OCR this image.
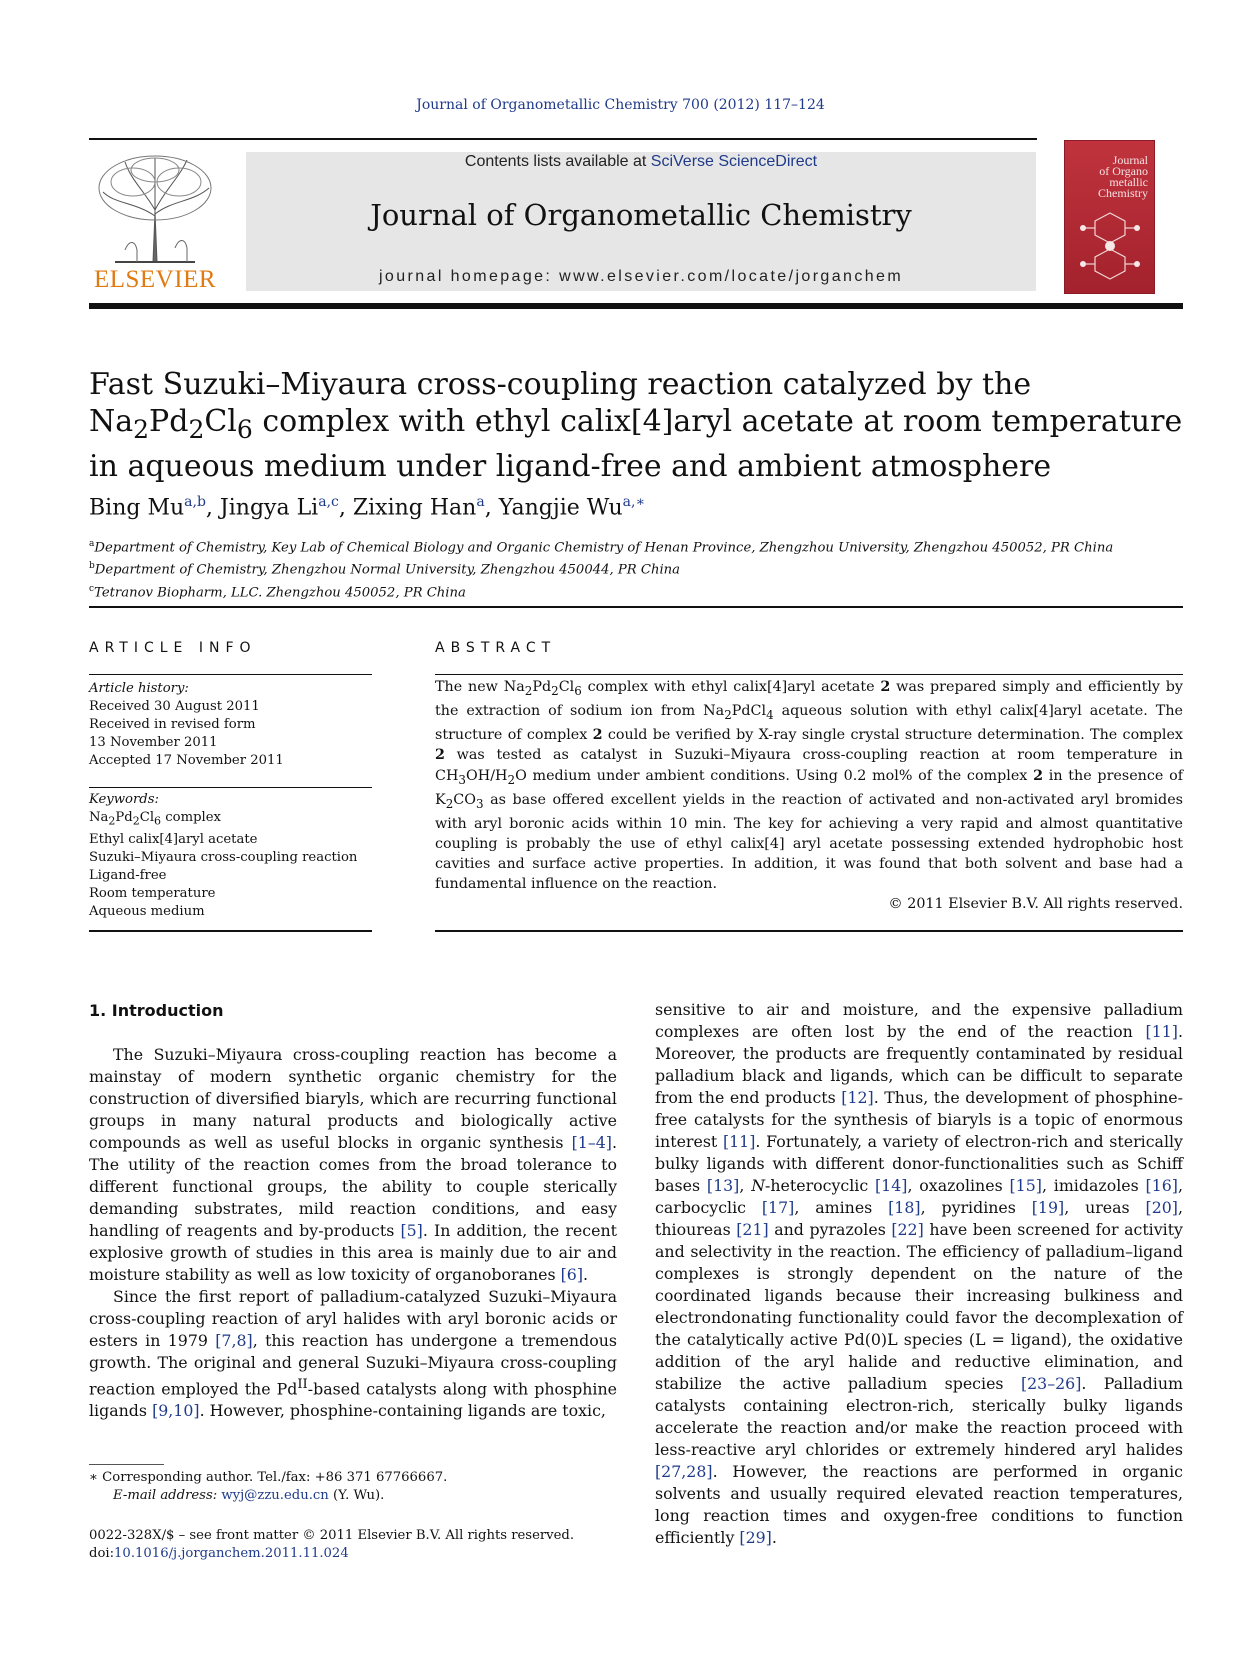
Journal of Organometallic Chemistry 700 (2012) 117–124
ELSEVIER
Contents lists available at SciVerse ScienceDirect
Journal of Organometallic Chemistry
journal homepage: www.elsevier.com/locate/jorganchem
Journal
of Organo
metallic
Chemistry
Fast Suzuki–Miyaura cross-coupling reaction catalyzed by the $Na_2Pd_2Cl_6$ complex with ethyl calix[4]aryl acetate at room temperature in aqueous medium under ligand-free and ambient atmosphere
Bing Mu$^{a,b}$, Jingya Li$^{a,c}$, Zixing Han$^a$, Yangjie $Wu^{a,∗}$
$^a$Department of Chemistry, Key Lab of Chemical Biology and Organic Chemistry of Henan Province, Zhengzhou University, Zhengzhou 450052, PR China
$^b$Department of Chemistry, Zhengzhou Normal University, Zhengzhou 450044, PR China
$^c$Tetranov Biopharm, LLC. Zhengzhou 450052, PR China
ARTICLE INFO
Article history:
Received 30 August 2011
Received in revised form
13 November 2011
Accepted 17 November 2011
Keywords:
$Na_2Pd_2Cl_6$ complex
Ethyl calix[4]aryl acetate
Suzuki–Miyaura cross-coupling reaction
Ligand-free
Room temperature
Aqueous medium
ABSTRACT
The new $Na_2Pd_2Cl_6$ complex with ethyl calix[4]aryl acetate 2 was prepared simply and efficiently by the extraction of sodium ion from $Na_2PdCl_4$ aqueous solution with ethyl calix[4]aryl acetate. The structure of complex 2 could be verified by X-ray single crystal structure determination. The complex 2 was tested as catalyst in Suzuki–Miyaura cross-coupling reaction at room temperature in $CH_3OH/H_2O$ medium under ambient conditions. Using 0.2 mol% of the complex 2 in the presence of $K_2CO_3$ as base offered excellent yields in the reaction of activated and non-activated aryl bromides with aryl boronic acids within 10 min. The key for achieving a very rapid and almost quantitative coupling is probably the use of ethyl calix[4] aryl acetate possessing extended hydrophobic host cavities and surface active properties. In addition, it was found that both solvent and base had a fundamental influence on the reaction.
© 2011 Elsevier B.V. All rights reserved.
1. Introduction

The Suzuki–Miyaura cross-coupling reaction has become a mainstay of modern synthetic organic chemistry for the construction of diversified biaryls, which are recurring functional groups in many natural products and biologically active compounds as well as useful blocks in organic synthesis [1–4]. The utility of the reaction comes from the broad tolerance to different functional groups, the ability to couple sterically demanding substrates, mild reaction conditions, and easy handling of reagents and by-products [5]. In addition, the recent explosive growth of studies in this area is mainly due to air and moisture stability as well as low toxicity of organoboranes [6].

Since the first report of palladium-catalyzed Suzuki–Miyaura cross-coupling reaction of aryl halides with aryl boronic acids or esters in 1979 [7,8], this reaction has undergone a tremendous growth. The original and general Suzuki–Miyaura cross-coupling reaction employed the $Pd^{II}$-based catalysts along with phosphine ligands [9,10]. However, phosphine-containing ligands are toxic,

sensitive to air and moisture, and the expensive palladium complexes are often lost by the end of the reaction [11]. Moreover, the products are frequently contaminated by residual palladium black and ligands, which can be difficult to separate from the end products [12]. Thus, the development of phosphine-free catalysts for the synthesis of biaryls is a topic of enormous interest [11]. Fortunately, a variety of electron-rich and sterically bulky ligands with different donor-functionalities such as Schiff bases [13], N-heterocyclic [14], oxazolines [15], imidazoles [16], carbocyclic [17], amines [18], pyridines [19], ureas [20], thioureas [21] and pyrazoles [22] have been screened for activity and selectivity in the reaction. The efficiency of palladium–ligand complexes is strongly dependent on the nature of the coordinated ligands because their increasing bulkiness and electrondonating functionality could favor the decomplexation of the catalytically active Pd(0)L species (L = ligand), the oxidative addition of the aryl halide and reductive elimination, and stabilize the active palladium species [23–26]. Palladium catalysts containing electron-rich, sterically bulky ligands accelerate the reaction and/or make the reaction proceed with less-reactive aryl chlorides or extremely hindered aryl halides [27,28]. However, the reactions are performed in organic solvents and usually required elevated reaction temperatures, long reaction times and oxygen-free conditions to function efficiently [29].

∗ Corresponding author. Tel./fax: +86 371 67766667.
E-mail address: wyj@zzu.edu.cn (Y. Wu).
0022-328X/$ – see front matter © 2011 Elsevier B.V. All rights reserved.
doi:10.1016/j.jorganchem.2011.11.024
